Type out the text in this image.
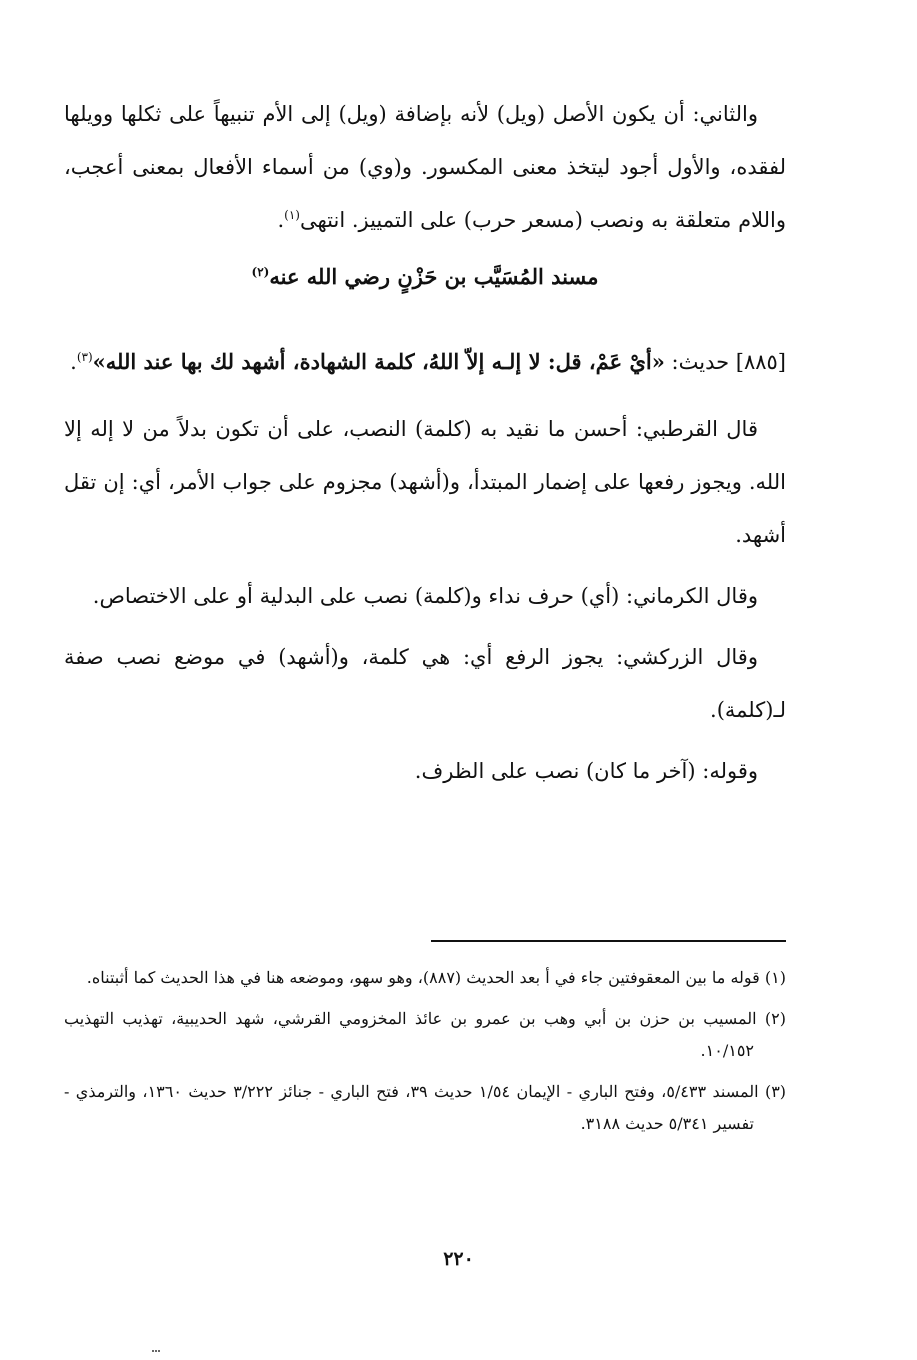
والثاني: أن يكون الأصل (ويل) لأنه بإضافة (ويل) إلى الأم تنبيهاً على ثكلها وويلها لفقده، والأول أجود ليتخذ معنى المكسور. و(وي) من أسماء الأفعال بمعنى أعجب، واللام متعلقة به ونصب (مسعر حرب) على التمييز. انتهى$^{(١)}$.

مسند المُسَيَّب بن حَزْنٍ رضي الله عنه$^{(٢)}$

[٨٨٥] حديث: «أيْ عَمْ، قل: لا إلـه إلاّ اللهُ، كلمة الشهادة، أشهد لك بها عند الله»$^{(٣)}$.

قال القرطبي: أحسن ما نقيد به (كلمة) النصب، على أن تكون بدلاً من لا إله إلا الله. ويجوز رفعها على إضمار المبتدأ، و(أشهد) مجزوم على جواب الأمر، أي: إن تقل أشهد.

وقال الكرماني: (أي) حرف نداء و(كلمة) نصب على البدلية أو على الاختصاص.

وقال الزركشي: يجوز الرفع أي: هي كلمة، و(أشهد) في موضع نصب صفة لـ(كلمة).

وقوله: (آخر ما كان) نصب على الظرف.

(١) قوله ما بين المعقوفتين جاء في أ بعد الحديث (٨٨٧)، وهو سهو، وموضعه هنا في هذا الحديث كما أثبتناه.

(٢) المسيب بن حزن بن أبي وهب بن عمرو بن عائذ المخزومي القرشي، شهد الحديبية، تهذيب التهذيب ١٠/١٥٢.

(٣) المسند ٥/٤٣٣، وفتح الباري - الإيمان ١/٥٤ حديث ٣٩، فتح الباري - جنائز ٣/٢٢٢ حديث ١٣٦٠، والترمذي - تفسير ٥/٣٤١ حديث ٣١٨٨.

٢٢٠
